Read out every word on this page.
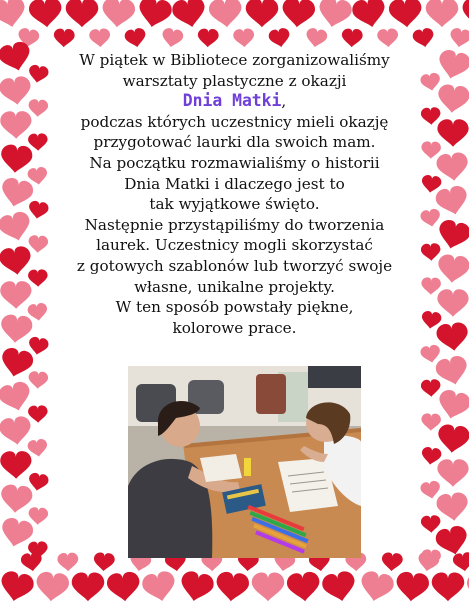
W piątek w Bibliotece zorganizowaliśmy
warsztaty plastyczne z okazji
Dnia Matki,
podczas których uczestnicy mieli okazję
przygotować laurki dla swoich mam.
Na początku rozmawialiśmy o historii
Dnia Matki i dlaczego jest to
tak wyjątkowe święto.
Następnie przystąpiliśmy do tworzenia
laurek. Uczestnicy mogli skorzystać
z gotowych szablonów lub tworzyć swoje
własne, unikalne projekty.
W ten sposób powstały piękne,
kolorowe prace.
